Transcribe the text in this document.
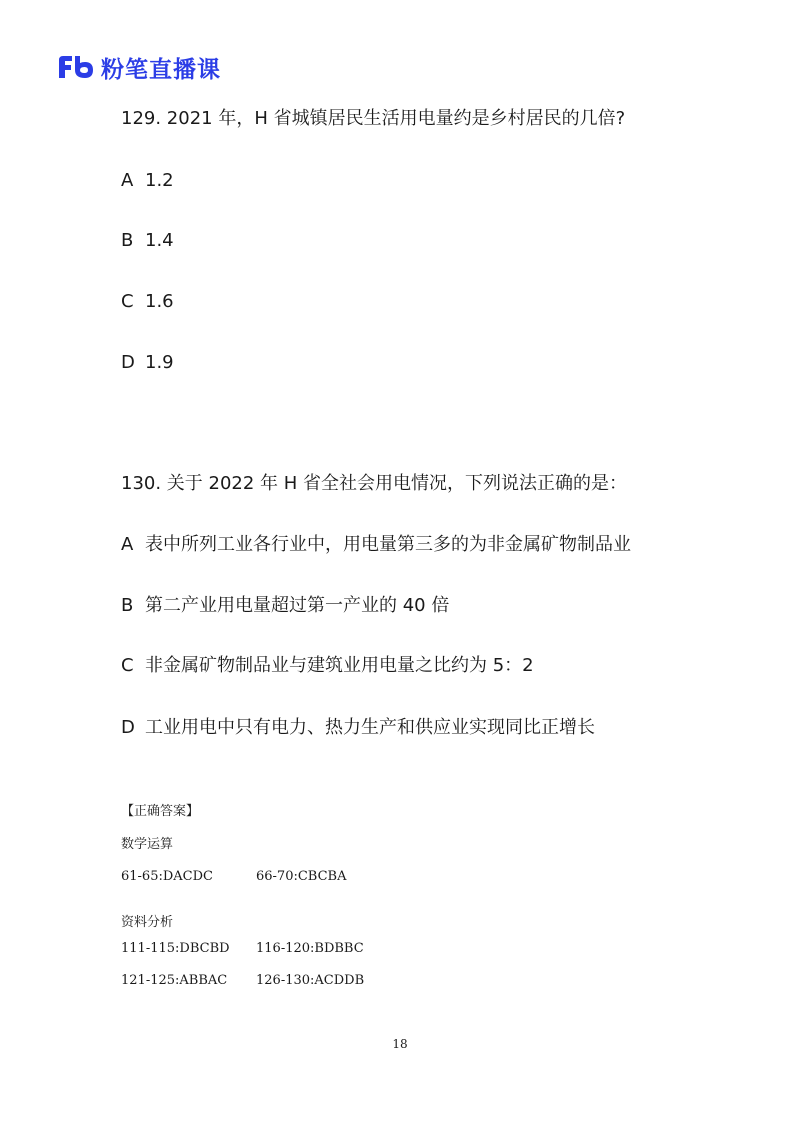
粉笔直播课
129. 2021 年，H 省城镇居民生活用电量约是乡村居民的几倍?
A 1.2
B 1.4
C 1.6
D 1.9
130. 关于 2022 年 H 省全社会用电情况，下列说法正确的是：
A 表中所列工业各行业中，用电量第三多的为非金属矿物制品业
B 第二产业用电量超过第一产业的 40 倍
C 非金属矿物制品业与建筑业用电量之比约为 5：2
D 工业用电中只有电力、热力生产和供应业实现同比正增长
【正确答案】
数学运算
61-65:DACDC	66-70:CBCBA
资料分析
111-115:DBCBD 116-120:BDBBC
121-125:ABBAC 126-130:ACDDB
18
